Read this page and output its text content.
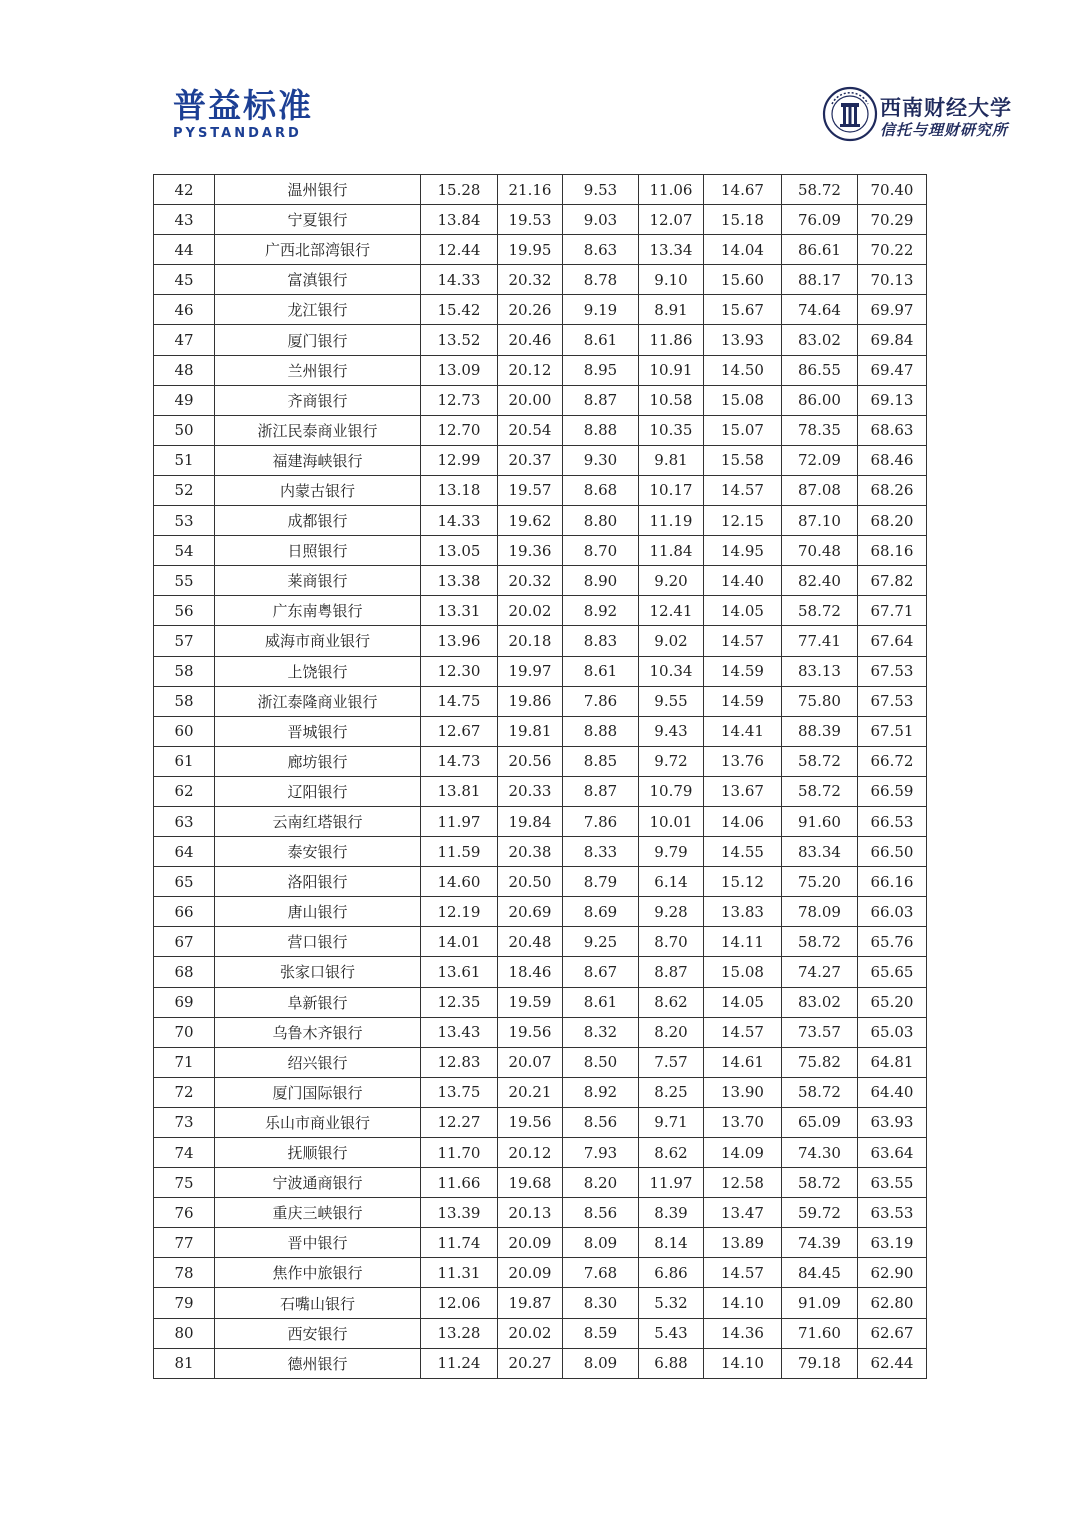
普益标准
PYSTANDARD
西南财经大学
信托与理财研究所
42	温州银行	15.28	21.16	9.53	11.06	14.67	58.72	70.40
43	宁夏银行	13.84	19.53	9.03	12.07	15.18	76.09	70.29
44	广西北部湾银行	12.44	19.95	8.63	13.34	14.04	86.61	70.22
45	富滇银行	14.33	20.32	8.78	9.10	15.60	88.17	70.13
46	龙江银行	15.42	20.26	9.19	8.91	15.67	74.64	69.97
47	厦门银行	13.52	20.46	8.61	11.86	13.93	83.02	69.84
48	兰州银行	13.09	20.12	8.95	10.91	14.50	86.55	69.47
49	齐商银行	12.73	20.00	8.87	10.58	15.08	86.00	69.13
50	浙江民泰商业银行	12.70	20.54	8.88	10.35	15.07	78.35	68.63
51	福建海峡银行	12.99	20.37	9.30	9.81	15.58	72.09	68.46
52	内蒙古银行	13.18	19.57	8.68	10.17	14.57	87.08	68.26
53	成都银行	14.33	19.62	8.80	11.19	12.15	87.10	68.20
54	日照银行	13.05	19.36	8.70	11.84	14.95	70.48	68.16
55	莱商银行	13.38	20.32	8.90	9.20	14.40	82.40	67.82
56	广东南粤银行	13.31	20.02	8.92	12.41	14.05	58.72	67.71
57	威海市商业银行	13.96	20.18	8.83	9.02	14.57	77.41	67.64
58	上饶银行	12.30	19.97	8.61	10.34	14.59	83.13	67.53
58	浙江泰隆商业银行	14.75	19.86	7.86	9.55	14.59	75.80	67.53
60	晋城银行	12.67	19.81	8.88	9.43	14.41	88.39	67.51
61	廊坊银行	14.73	20.56	8.85	9.72	13.76	58.72	66.72
62	辽阳银行	13.81	20.33	8.87	10.79	13.67	58.72	66.59
63	云南红塔银行	11.97	19.84	7.86	10.01	14.06	91.60	66.53
64	泰安银行	11.59	20.38	8.33	9.79	14.55	83.34	66.50
65	洛阳银行	14.60	20.50	8.79	6.14	15.12	75.20	66.16
66	唐山银行	12.19	20.69	8.69	9.28	13.83	78.09	66.03
67	营口银行	14.01	20.48	9.25	8.70	14.11	58.72	65.76
68	张家口银行	13.61	18.46	8.67	8.87	15.08	74.27	65.65
69	阜新银行	12.35	19.59	8.61	8.62	14.05	83.02	65.20
70	乌鲁木齐银行	13.43	19.56	8.32	8.20	14.57	73.57	65.03
71	绍兴银行	12.83	20.07	8.50	7.57	14.61	75.82	64.81
72	厦门国际银行	13.75	20.21	8.92	8.25	13.90	58.72	64.40
73	乐山市商业银行	12.27	19.56	8.56	9.71	13.70	65.09	63.93
74	抚顺银行	11.70	20.12	7.93	8.62	14.09	74.30	63.64
75	宁波通商银行	11.66	19.68	8.20	11.97	12.58	58.72	63.55
76	重庆三峡银行	13.39	20.13	8.56	8.39	13.47	59.72	63.53
77	晋中银行	11.74	20.09	8.09	8.14	13.89	74.39	63.19
78	焦作中旅银行	11.31	20.09	7.68	6.86	14.57	84.45	62.90
79	石嘴山银行	12.06	19.87	8.30	5.32	14.10	91.09	62.80
80	西安银行	13.28	20.02	8.59	5.43	14.36	71.60	62.67
81	德州银行	11.24	20.27	8.09	6.88	14.10	79.18	62.44
